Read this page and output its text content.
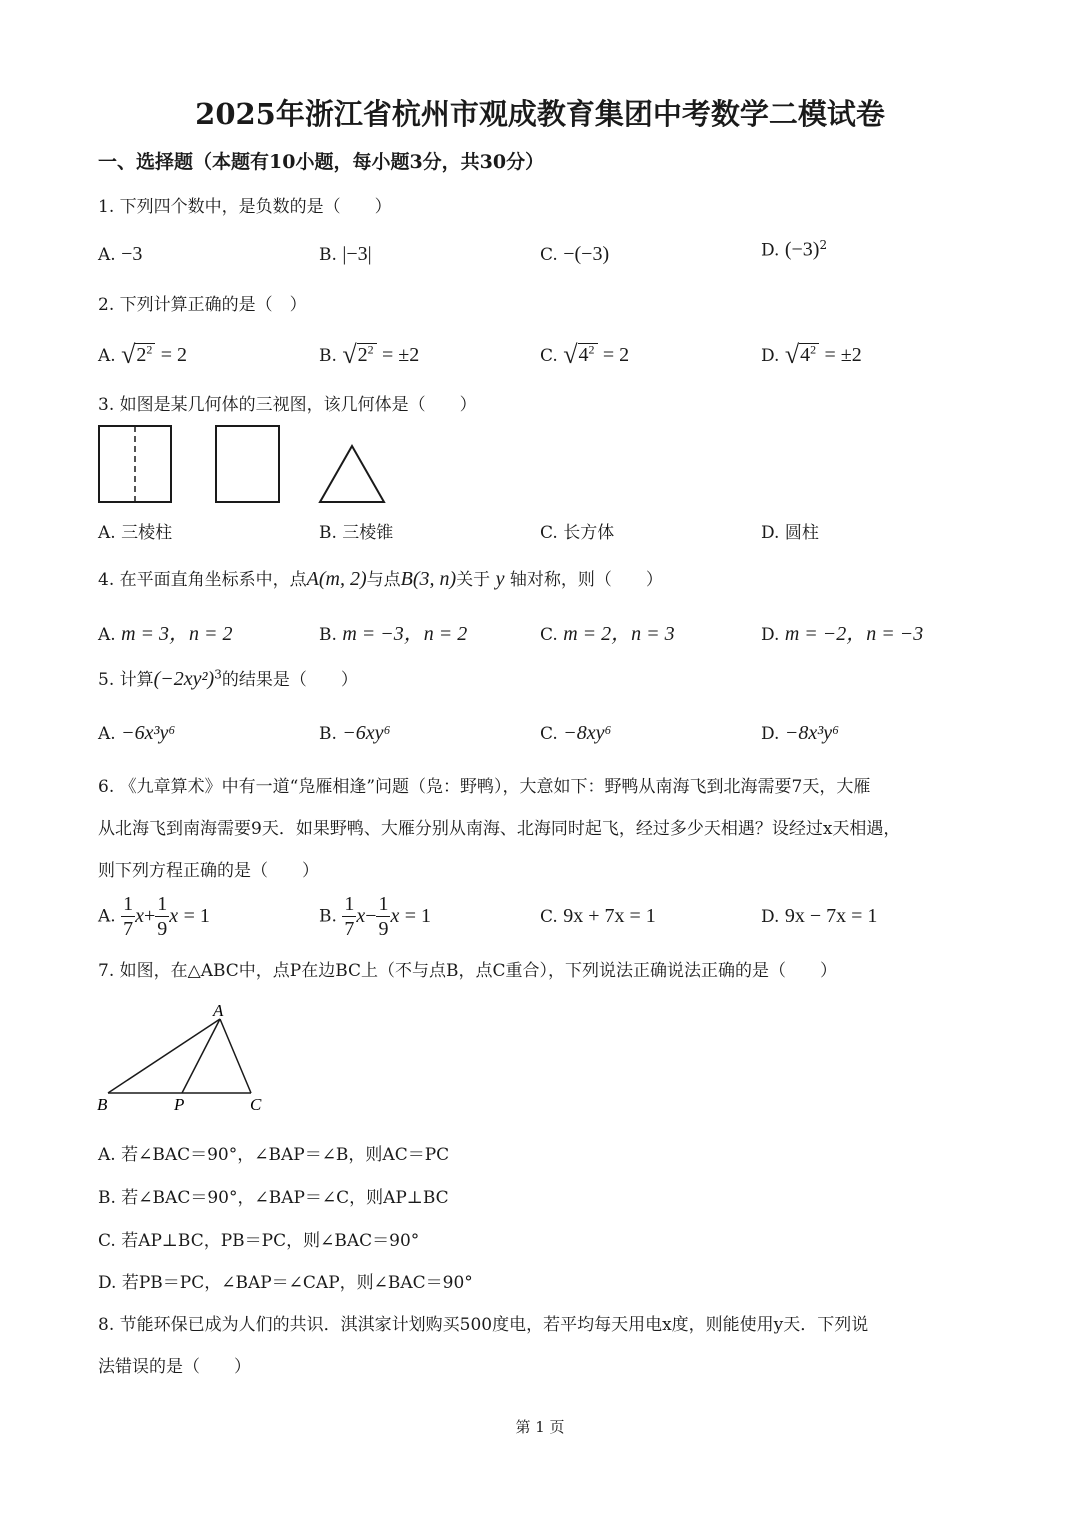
2025年浙江省杭州市观成教育集团中考数学二模试卷
一、选择题（本题有10小题，每小题3分，共30分）
1. 下列四个数中，是负数的是（　　）
A. −3	B. |−3|	C. −(−3)	D. $(-3)^2$
2. 下列计算正确的是（　）
A. $√2^2 = 2$	B. $√2^2 = \pm 2$	C. $√4^2 = 2$	D. $√4^2 = \pm 2$
3. 如图是某几何体的三视图，该几何体是（　　）
A. 三棱柱	B. 三棱锥	C. 长方体	D. 圆柱
4. 在平面直角坐标系中，点A(m, 2)与点B(3, n)关于 y 轴对称，则（　　）
A. m = 3，n = 2	B. m = −3，n = 2	C. m = 2，n = 3	D. m = −2，n = −3
5. 计算$(-2xy^2)^3$的结果是（　　）
A. −6x³y⁶	B. −6xy⁶	C. −8xy⁶	D. −8x³y⁶
6. 《九章算术》中有一道“凫雁相逢”问题（凫：野鸭），大意如下：野鸭从南海飞到北海需要7天，大雁
从北海飞到南海需要9天．如果野鸭、大雁分别从南海、北海同时起飞，经过多少天相遇？设经过x天相遇，
则下列方程正确的是（　　）
A. $\frac{1}{7} x+ \frac{1}{9}$ x = 1	B. $\frac{1}{7} x- \frac{1}{9}$ x = 1	C. 9x + 7x = 1	D. 9x − 7x = 1
7. 如图，在△ABC中，点P在边BC上（不与点B，点C重合），下列说法正确说法正确的是（　　）
A
B	P	C
A. 若∠BAC＝90°，∠BAP＝∠B，则AC＝PC
B. 若∠BAC＝90°，∠BAP＝∠C，则AP⊥BC
C. 若AP⊥BC，PB＝PC，则∠BAC＝90°
D. 若PB＝PC，∠BAP＝∠CAP，则∠BAC＝90°
8. 节能环保已成为人们的共识．淇淇家计划购买500度电，若平均每天用电x度，则能使用y天．下列说
法错误的是（　　）
第 1 页
